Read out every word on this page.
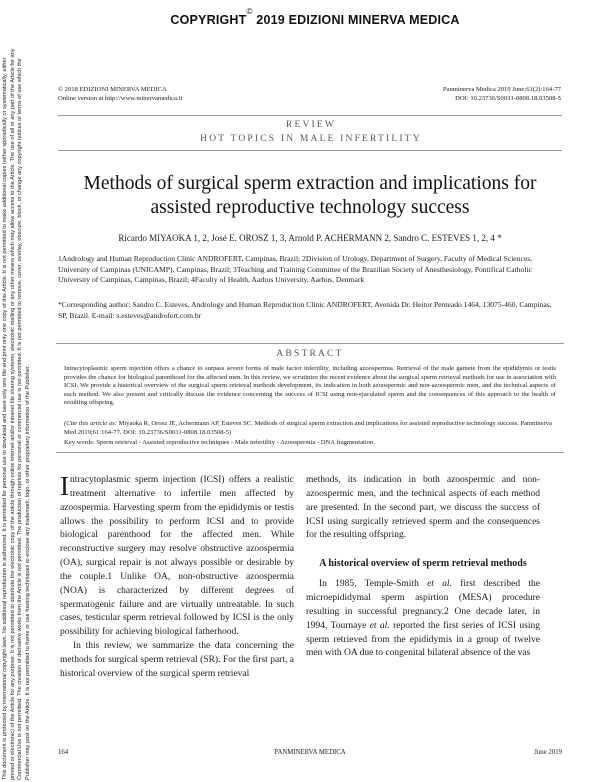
This document is protected by international copyright laws. No additional reproduction is authorized. It is permitted for personal use to download and save only one file and print only one copy of this Article. It is not permitted to make additional copies (either sporadically or systematically, either printed or electronic) of the Article for any purpose. It is not permitted to distribute the electronic copy of the article through online internet and/or intranet file sharing systems, electronic mailing or any other means which may allow access to the Article. The use of all or any part of the Article for any Commercial Use is not permitted. The creation of derivative works from the Article is not permitted. The production of reprints for personal or commercial use is not permitted. It is not permitted to remove, cover, overlay, obscure, block, or change any copyright notices or terms of use which the Publisher may post on the Article. It is not permitted to frame or use framing techniques to enclose any trademark, logo, or other proprietary information of the Publisher.
COPYRIGHT© 2019 EDIZIONI MINERVA MEDICA
© 2018 EDIZIONI MINERVA MEDICA
Online version at http://www.minervamedica.it
Panminerva Medica 2019 June;61(2):164-77
DOI: 10.23736/S0031-0808.18.03508-5
REVIEW
HOT TOPICS IN MALE INFERTILITY
Methods of surgical sperm extraction and implications for assisted reproductive technology success
Ricardo MIYAOKA 1, 2, José E. OROSZ 1, 3, Arnold P. ACHERMANN 2, Sandro C. ESTEVES 1, 2, 4 *
1Andrology and Human Reproduction Clinic ANDROFERT, Campinas, Brazil; 2Division of Urology, Department of Surgery, Faculty of Medical Sciences, University of Campinas (UNICAMP), Campinas, Brazil; 3Teaching and Training Committee of the Brazilian Society of Anesthesiology, Pontifical Catholic University of Campinas, Campinas, Brazil; 4Faculty of Health, Aarhus University, Aarhus, Denmark
*Corresponding author: Sandro C. Esteves, Andrology and Human Reproduction Clinic ANDROFERT, Avenida Dr. Heitor Penteado 1464, 13075-460, Campinas, SP, Brazil. E-mail: s.esteves@androfert.com.br
ABSTRACT
Intracytoplasmic sperm injection offers a chance to surpass severe forms of male factor infertility, including azoospermia. Retrieval of the male gamete from the epididymis or testis provides the chance for biological parenthood for the affected men. In this review, we scrutinize the recent evidence about the surgical sperm retrieval methods for use in association with ICSI. We provide a historical overview of the surgical sperm retrieval methods development, its indication in both azoospermic and non-azoospermic men, and the technical aspects of each method. We also present and critically discuss the evidence concerning the success of ICSI using non-ejaculated sperm and the consequences of this approach to the health of resulting offspring.
(Cite this article as: Miyaoka R, Orosz JE, Achermann AP, Esteves SC. Methods of surgical sperm extraction and implications for assisted reproductive technology success. Panminerva Med 2019;61:164-77. DOI: 10.23736/S0031-0808.18.03508-5)
Key words: Sperm retrieval - Assisted reproductive techniques - Male infertility - Azoospermia - DNA fragmentation.

Intracytoplasmic sperm injection (ICSI) offers a realistic treatment alternative to infertile men affected by azoospermia. Harvesting sperm from the epididymis or testis allows the possibility to perform ICSI and to provide biological parenthood for the affected men. While reconstructive surgery may resolve obstructive azoospermia (OA), surgical repair is not always possible or desirable by the couple.1 Unlike OA, non-obstructive azoospermia (NOA) is characterized by different degrees of spermatogenic failure and are virtually untreatable. In such cases, testicular sperm retrieval followed by ICSI is the only possibility for achieving biological fatherhood.

In this review, we summarize the data concerning the methods for surgical sperm retrieval (SR). For the first part, a historical overview of the surgical sperm retrieval

methods, its indication in both azoospermic and non-azoospermic men, and the technical aspects of each method are presented. In the second part, we discuss the success of ICSI using surgically retrieved sperm and the consequences for the resulting offspring.

A historical overview of sperm retrieval methods

In 1985, Temple-Smith et al. first described the microepididymal sperm aspirtion (MESA) procedure resulting in successful pregnancy.2 One decade later, in 1994, Tournaye et al. reported the first series of ICSI using sperm retrieved from the epididymis in a group of twelve men with OA due to congenital bilateral absence of the vas

164	PANMINERVA MEDICA	June 2019
